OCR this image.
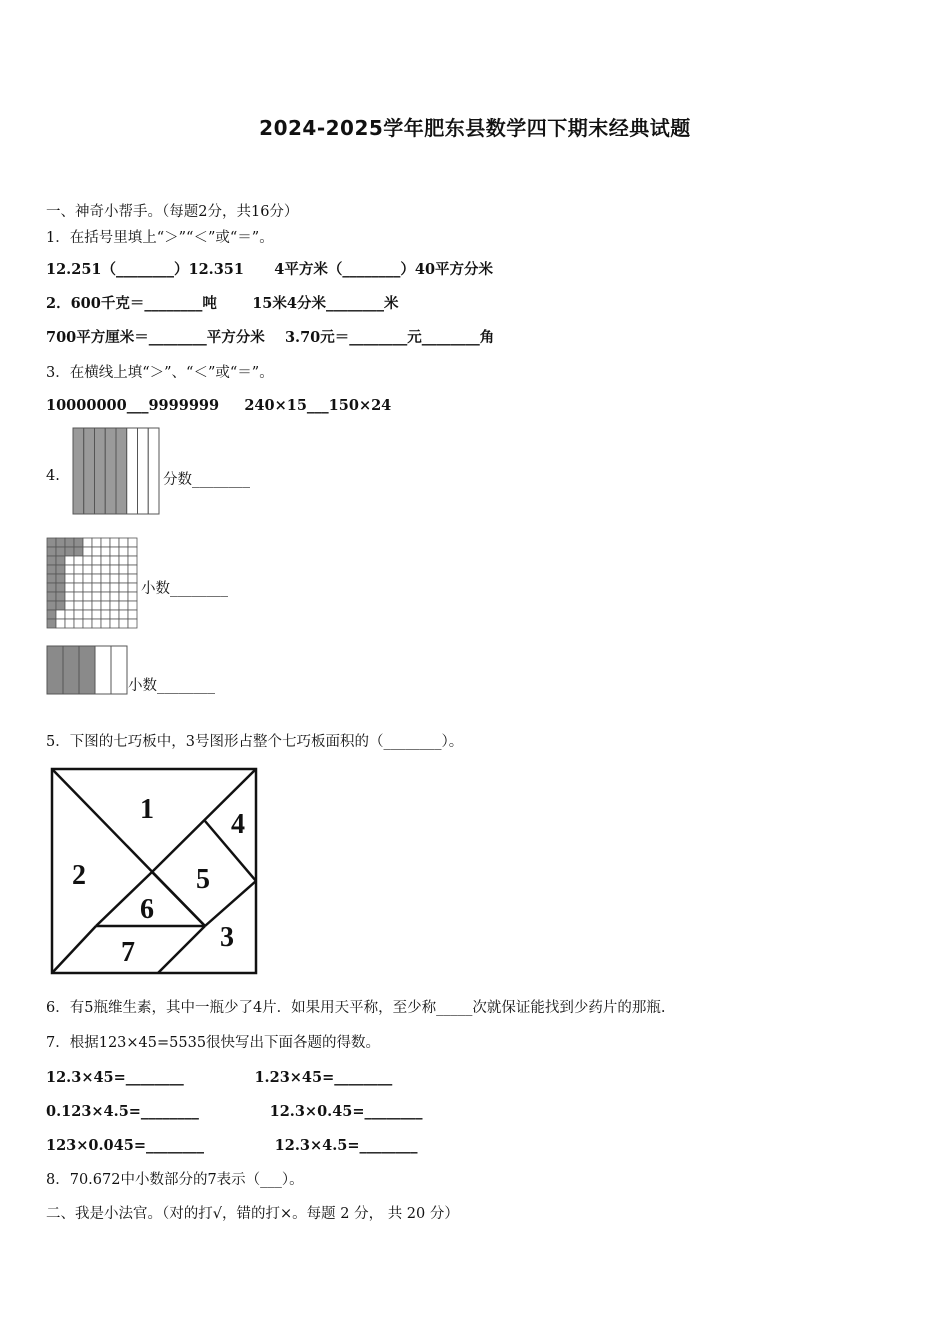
2024-2025学年肥东县数学四下期末经典试题
一、神奇小帮手。（每题2分，共16分）
1．在括号里填上“＞”“＜”或“＝”。
12.251（________）12.351      4平方米（________）40平方分米
2．600千克＝________吨       15米4分米________米
700平方厘米＝________平方分米    3.70元＝________元________角
3．在横线上填“＞”、“＜”或“＝”。
10000000___9999999     240×15___150×24
4.	分数________
小数________
小数________
5．下图的七巧板中，3号图形占整个七巧板面积的（________）。
1
2
3
4
5
6
7
6．有5瓶维生素，其中一瓶少了4片．如果用天平称，至少称_____次就保证能找到少药片的那瓶.
7．根据123×45=5535很快写出下面各题的得数。
12.3×45=________              1.23×45=________
0.123×4.5=________              12.3×0.45=________
123×0.045=________              12.3×4.5=________
8．70.672中小数部分的7表示（___）。
二、我是小法官。（对的打√，错的打×。每题 2 分， 共 20 分）
